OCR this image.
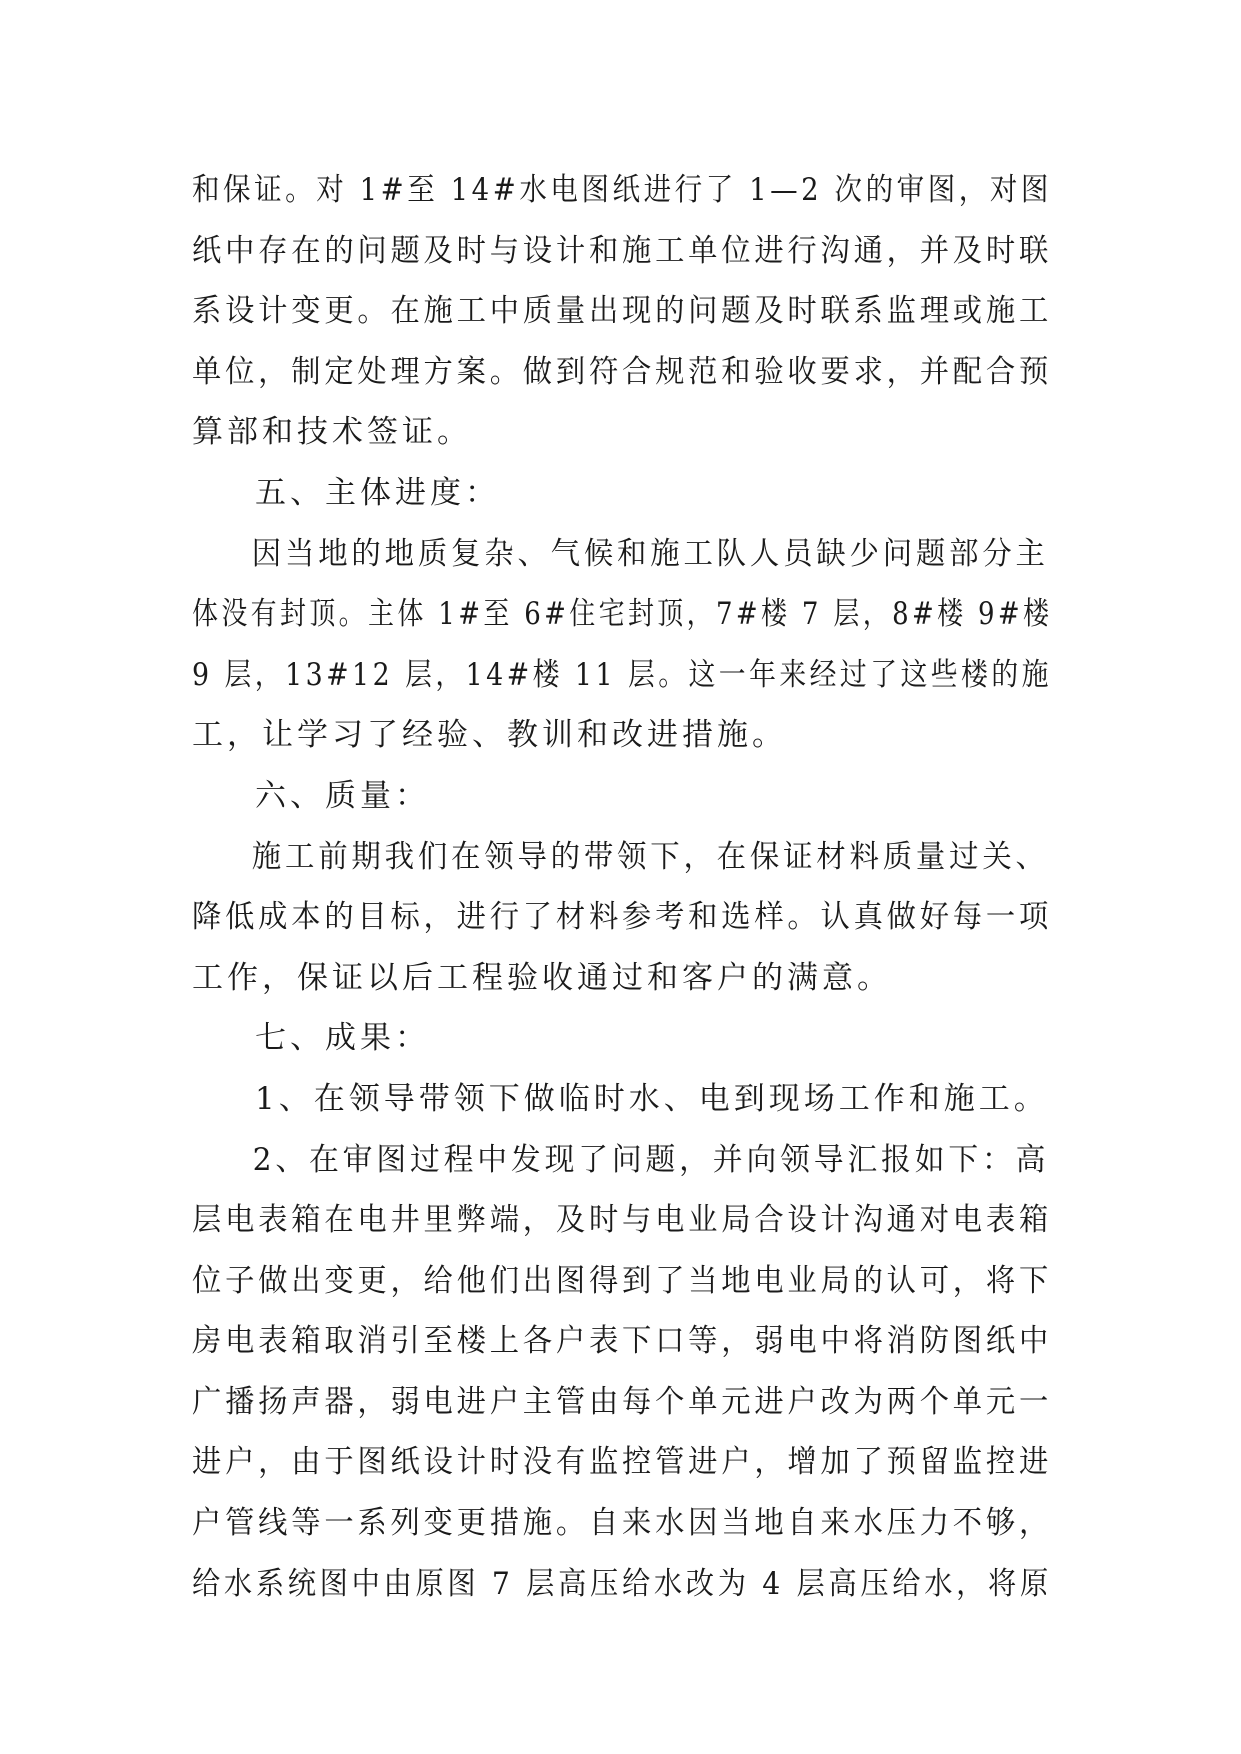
和保证。对 1#至 14#水电图纸进行了 1—2 次的审图，对图
纸中存在的问题及时与设计和施工单位进行沟通，并及时联
系设计变更。在施工中质量出现的问题及时联系监理或施工
单位，制定处理方案。做到符合规范和验收要求，并配合预
算部和技术签证。
五、主体进度：
因当地的地质复杂、气候和施工队人员缺少问题部分主
体没有封顶。主体 1#至 6#住宅封顶，7#楼 7 层，8#楼 9#楼
9 层，13#12 层，14#楼 11 层。这一年来经过了这些楼的施
工，让学习了经验、教训和改进措施。
六、质量：
施工前期我们在领导的带领下，在保证材料质量过关、
降低成本的目标，进行了材料参考和选样。认真做好每一项
工作，保证以后工程验收通过和客户的满意。
七、成果：
1、在领导带领下做临时水、电到现场工作和施工。
2、在审图过程中发现了问题，并向领导汇报如下：高
层电表箱在电井里弊端，及时与电业局合设计沟通对电表箱
位子做出变更，给他们出图得到了当地电业局的认可，将下
房电表箱取消引至楼上各户表下口等，弱电中将消防图纸中
广播扬声器，弱电进户主管由每个单元进户改为两个单元一
进户，由于图纸设计时没有监控管进户，增加了预留监控进
户管线等一系列变更措施。自来水因当地自来水压力不够，
给水系统图中由原图 7 层高压给水改为 4 层高压给水，将原
